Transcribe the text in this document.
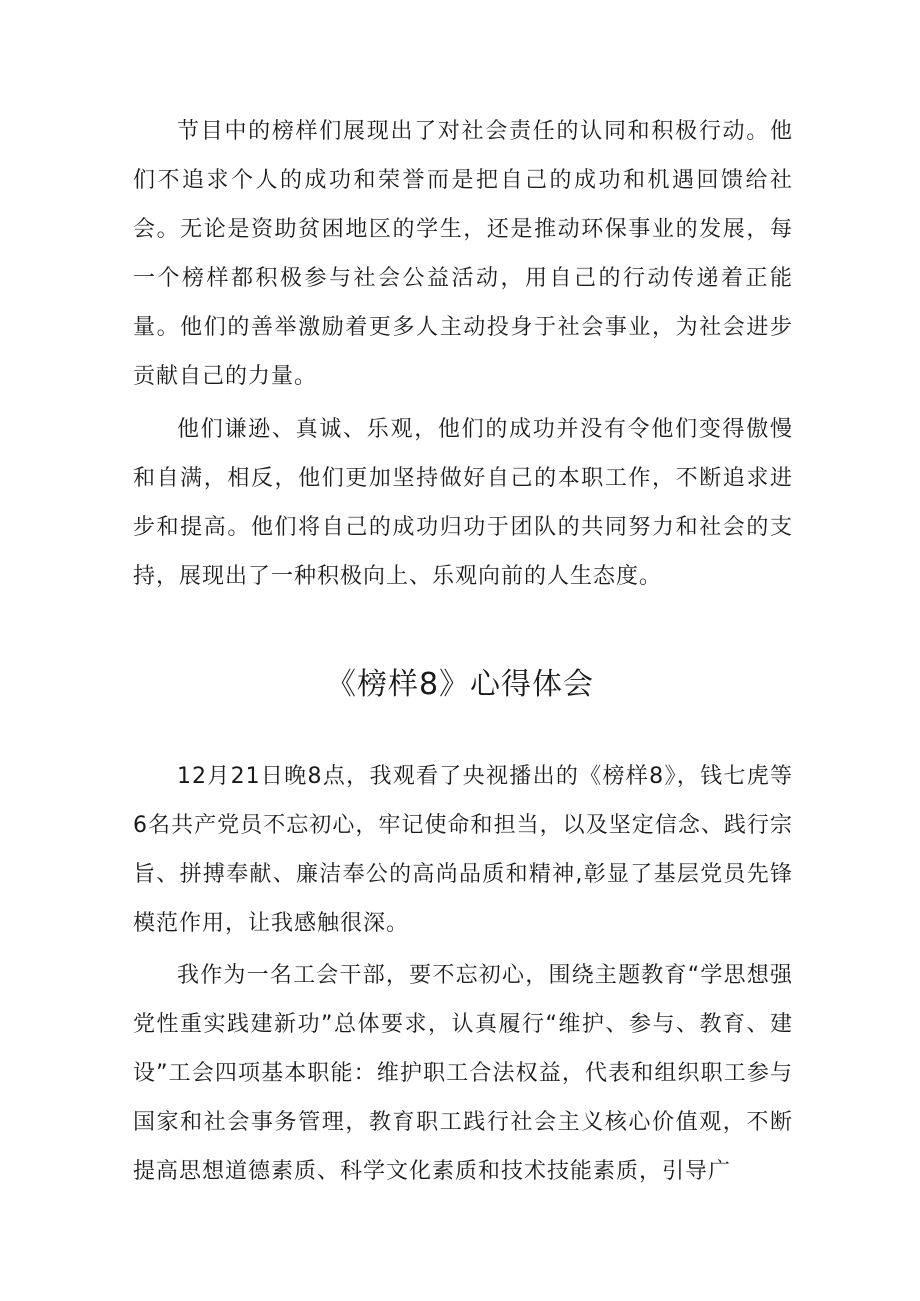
节目中的榜样们展现出了对社会责任的认同和积极行动。他们不追求个人的成功和荣誉而是把自己的成功和机遇回馈给社会。无论是资助贫困地区的学生，还是推动环保事业的发展，每一个榜样都积极参与社会公益活动，用自己的行动传递着正能量。他们的善举激励着更多人主动投身于社会事业，为社会进步贡献自己的力量。

他们谦逊、真诚、乐观，他们的成功并没有令他们变得傲慢和自满，相反，他们更加坚持做好自己的本职工作，不断追求进步和提高。他们将自己的成功归功于团队的共同努力和社会的支持，展现出了一种积极向上、乐观向前的人生态度。

《榜样8》心得体会

12月21日晚8点，我观看了央视播出的《榜样8》，钱七虎等6名共产党员不忘初心，牢记使命和担当，以及坚定信念、践行宗旨、拼搏奉献、廉洁奉公的高尚品质和精神,彰显了基层党员先锋模范作用，让我感触很深。

我作为一名工会干部，要不忘初心，围绕主题教育“学思想强党性重实践建新功”总体要求，认真履行“维护、参与、教育、建设”工会四项基本职能：维护职工合法权益，代表和组织职工参与国家和社会事务管理，教育职工践行社会主义核心价值观，不断提高思想道德素质、科学文化素质和技术技能素质，引导广
